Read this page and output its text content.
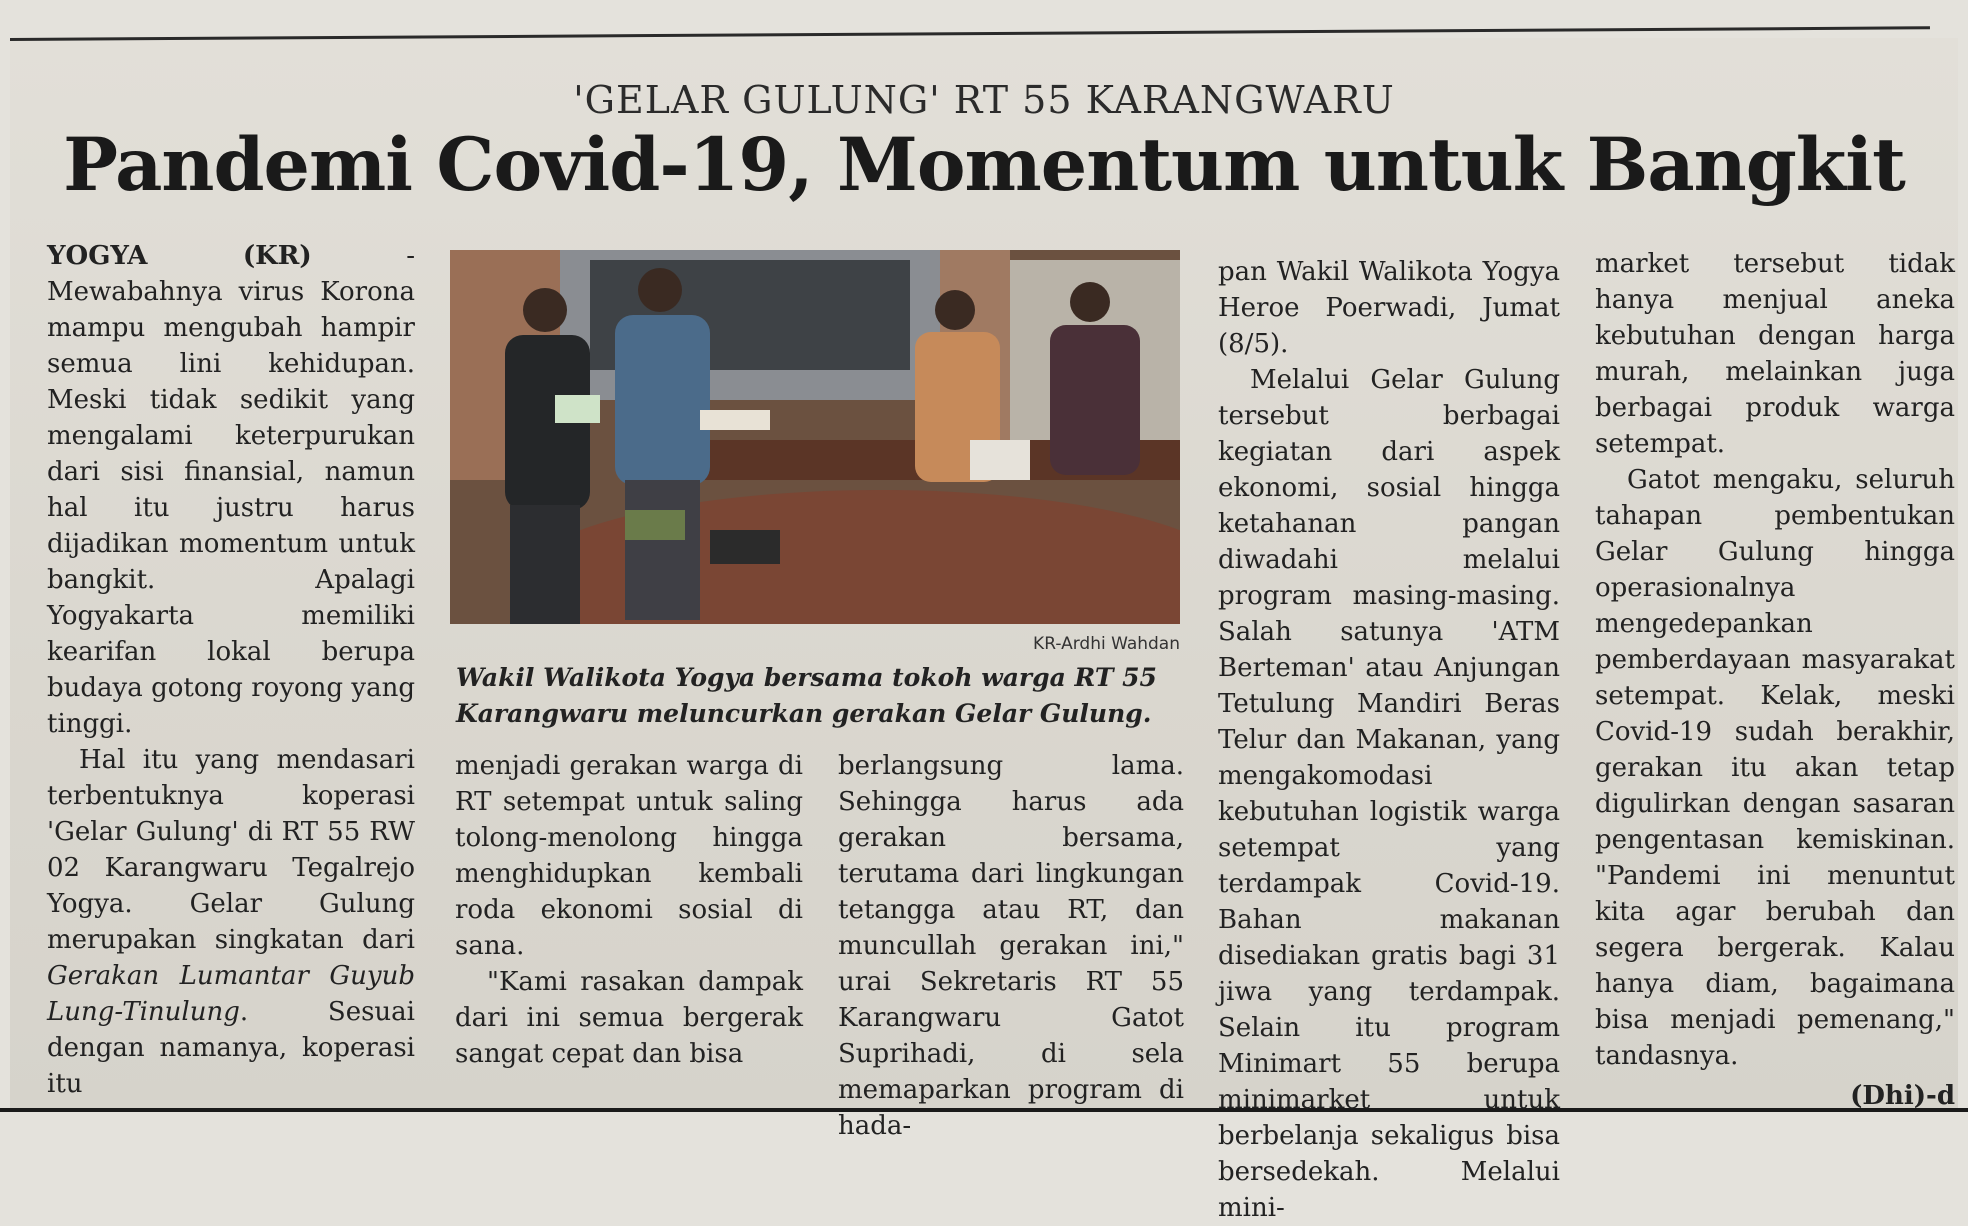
'GELAR GULUNG' RT 55 KARANGWARU
Pandemi Covid-19, Momentum untuk Bangkit

YOGYA (KR) - Mewabahnya virus Korona mampu mengubah hampir semua lini kehidupan. Meski tidak sedikit yang mengalami keterpurukan dari sisi finansial, namun hal itu justru harus dijadikan momentum untuk bangkit. Apalagi Yogyakarta memiliki kearifan lokal berupa budaya gotong royong yang tinggi.

Hal itu yang mendasari terbentuknya koperasi 'Gelar Gulung' di RT 55 RW 02 Karangwaru Tegalrejo Yogya. Gelar Gulung merupakan singkatan dari Gerakan Lumantar Guyub Lung-Tinulung. Sesuai dengan namanya, koperasi itu

KR-Ardhi Wahdan
Wakil Walikota Yogya bersama tokoh warga RT 55
Karangwaru meluncurkan gerakan Gelar Gulung.

menjadi gerakan warga di RT setempat untuk saling tolong-menolong hingga menghidupkan kembali roda ekonomi sosial di sana.

"Kami rasakan dampak dari ini semua bergerak sangat cepat dan bisa

berlangsung lama. Sehingga harus ada gerakan bersama, terutama dari lingkungan tetangga atau RT, dan muncullah gerakan ini," urai Sekretaris RT 55 Karangwaru Gatot Suprihadi, di sela memaparkan program di hada-

pan Wakil Walikota Yogya Heroe Poerwadi, Jumat (8/5).

Melalui Gelar Gulung tersebut berbagai kegiatan dari aspek ekonomi, sosial hingga ketahanan pangan diwadahi melalui program masing-masing. Salah satunya 'ATM Berteman' atau Anjungan Tetulung Mandiri Beras Telur dan Makanan, yang mengakomodasi kebutuhan logistik warga setempat yang terdampak Covid-19. Bahan makanan disediakan gratis bagi 31 jiwa yang terdampak. Selain itu program Minimart 55 berupa minimarket untuk berbelanja sekaligus bisa bersedekah. Melalui mini-

market tersebut tidak hanya menjual aneka kebutuhan dengan harga murah, melainkan juga berbagai produk warga setempat.

Gatot mengaku, seluruh tahapan pembentukan Gelar Gulung hingga operasionalnya mengedepankan pemberdayaan masyarakat setempat. Kelak, meski Covid-19 sudah berakhir, gerakan itu akan tetap digulirkan dengan sasaran pengentasan kemiskinan. "Pandemi ini menuntut kita agar berubah dan segera bergerak. Kalau hanya diam, bagaimana bisa menjadi pemenang," tandasnya.

(Dhi)-d
